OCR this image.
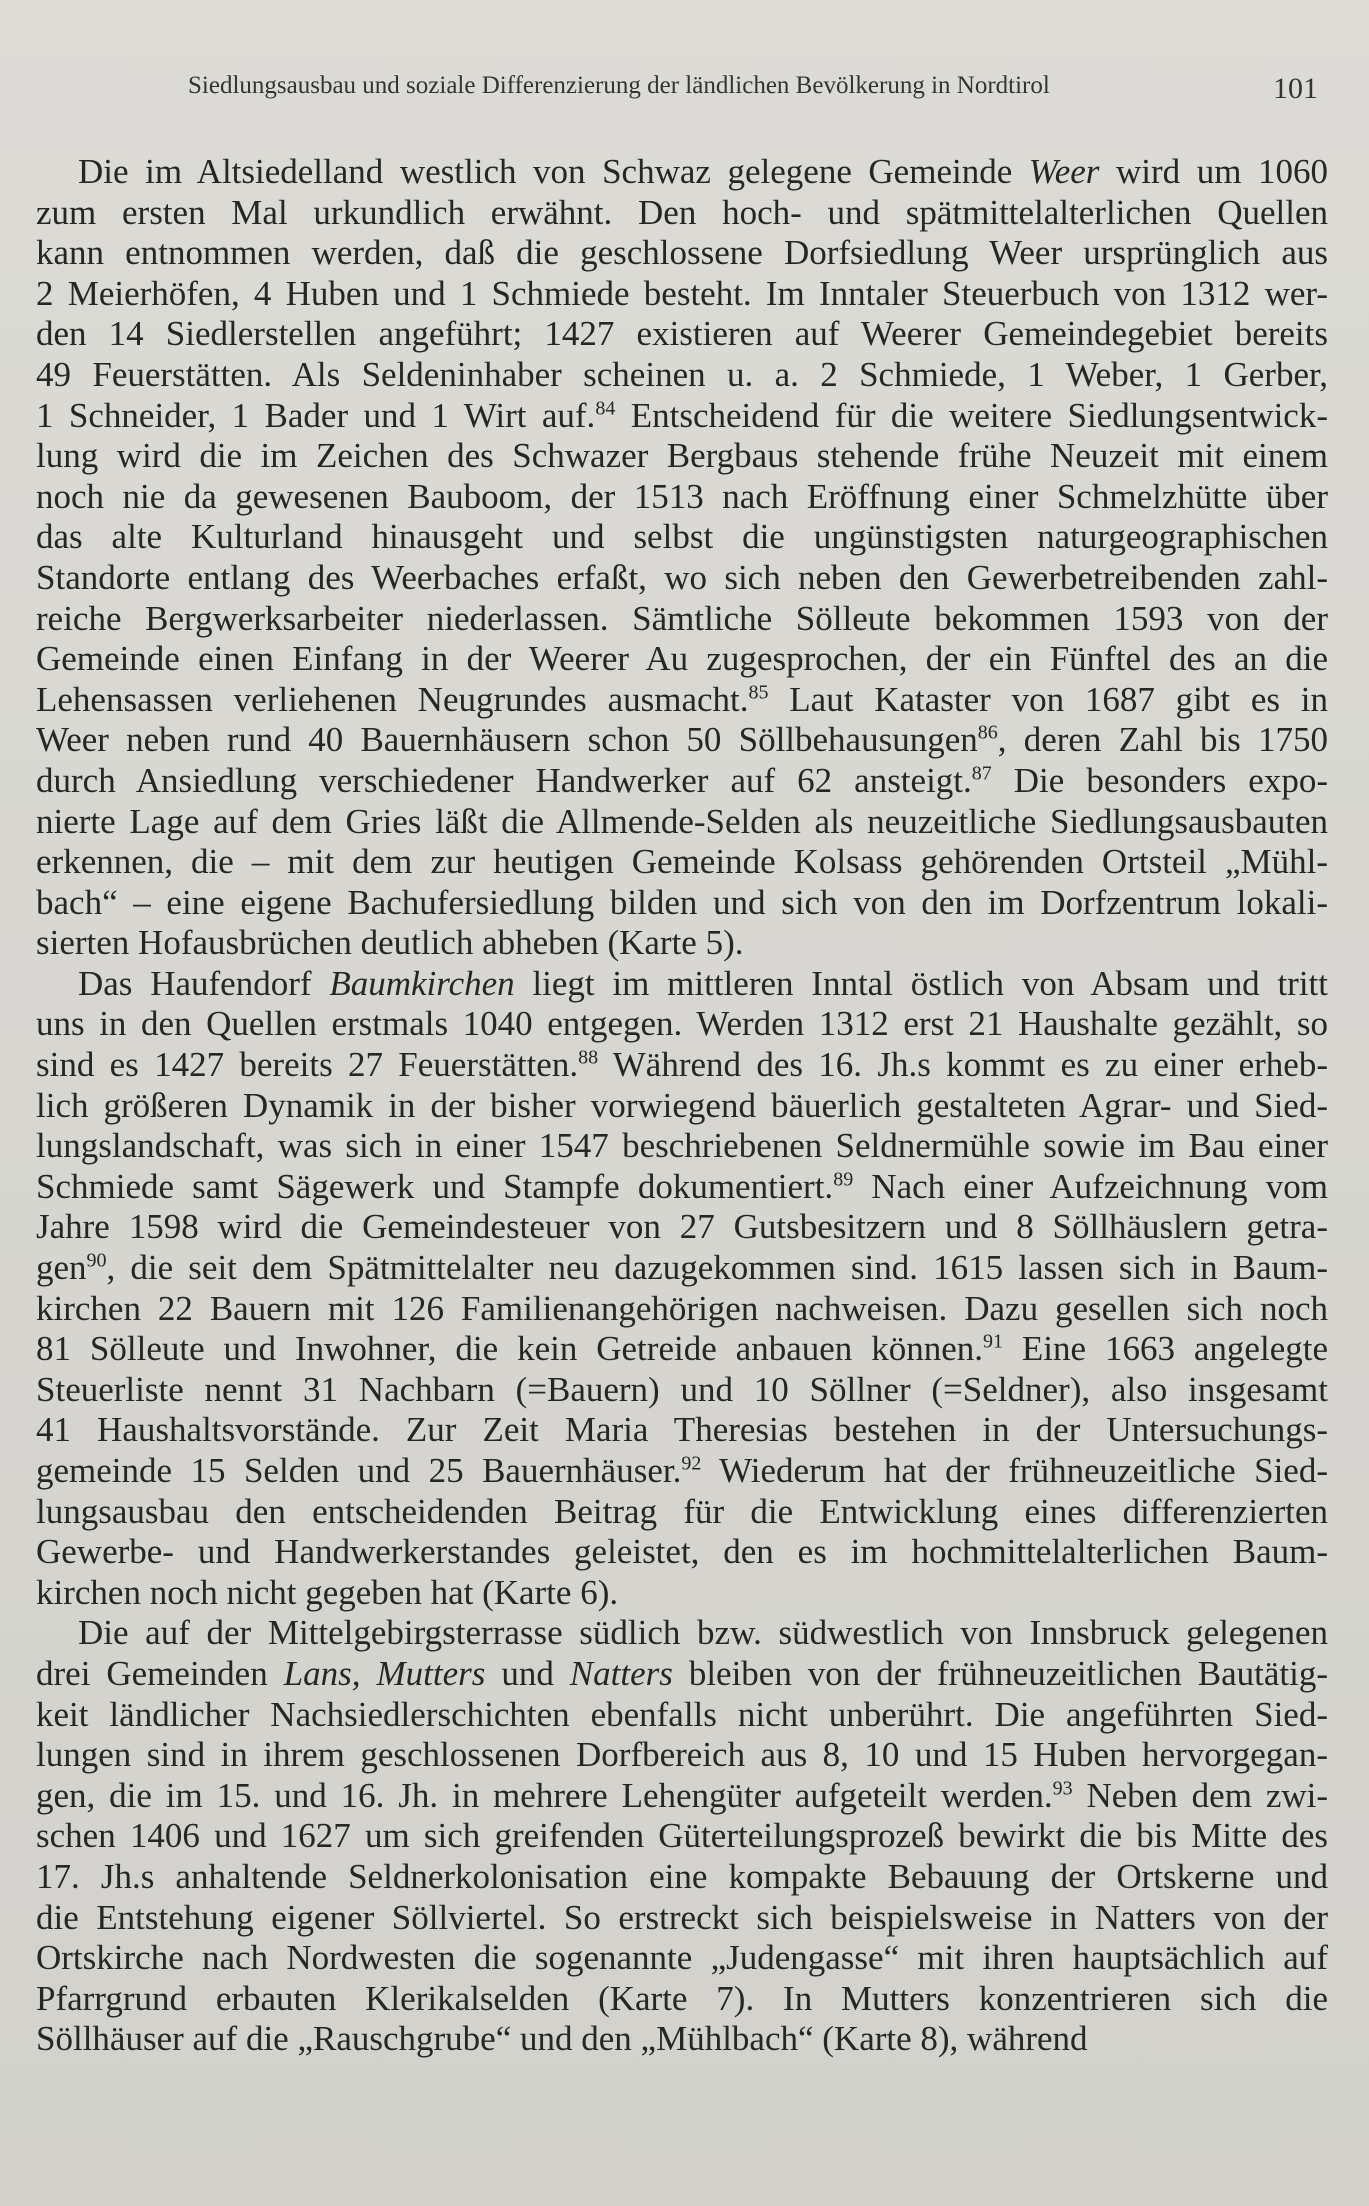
Siedlungsausbau und soziale Differenzierung der ländlichen Bevölkerung in Nordtirol	101
Die im Altsiedelland westlich von Schwaz gelegene Gemeinde Weer wird um 1060
zum ersten Mal urkundlich erwähnt. Den hoch- und spätmittelalterlichen Quellen
kann entnommen werden, daß die geschlossene Dorfsiedlung Weer ursprünglich aus
2 Meierhöfen, 4 Huben und 1 Schmiede besteht. Im Inntaler Steuerbuch von 1312 wer-
den 14 Siedlerstellen angeführt; 1427 existieren auf Weerer Gemeindegebiet bereits
49 Feuerstätten. Als Seldeninhaber scheinen u. a. 2 Schmiede, 1 Weber, 1 Gerber,
1 Schneider, 1 Bader und 1 Wirt auf.$^{84}$ Entscheidend für die weitere Siedlungsentwick-
lung wird die im Zeichen des Schwazer Bergbaus stehende frühe Neuzeit mit einem
noch nie da gewesenen Bauboom, der 1513 nach Eröffnung einer Schmelzhütte über
das alte Kulturland hinausgeht und selbst die ungünstigsten naturgeographischen
Standorte entlang des Weerbaches erfaßt, wo sich neben den Gewerbetreibenden zahl-
reiche Bergwerksarbeiter niederlassen. Sämtliche Sölleute bekommen 1593 von der
Gemeinde einen Einfang in der Weerer Au zugesprochen, der ein Fünftel des an die
Lehensassen verliehenen Neugrundes ausmacht.$^{85}$ Laut Kataster von 1687 gibt es in
Weer neben rund 40 Bauernhäusern schon 50 Söllbehausungen$^{86}$, deren Zahl bis 1750
durch Ansiedlung verschiedener Handwerker auf 62 ansteigt.$^{87}$ Die besonders expo-
nierte Lage auf dem Gries läßt die Allmende-Selden als neuzeitliche Siedlungsausbauten
erkennen, die – mit dem zur heutigen Gemeinde Kolsass gehörenden Ortsteil „Mühl-
bach“ – eine eigene Bachufersiedlung bilden und sich von den im Dorfzentrum lokali-
sierten Hofausbrüchen deutlich abheben (Karte 5).
Das Haufendorf Baumkirchen liegt im mittleren Inntal östlich von Absam und tritt
uns in den Quellen erstmals 1040 entgegen. Werden 1312 erst 21 Haushalte gezählt, so
sind es 1427 bereits 27 Feuerstätten.$^{88}$ Während des 16. Jh.s kommt es zu einer erheb-
lich größeren Dynamik in der bisher vorwiegend bäuerlich gestalteten Agrar- und Sied-
lungslandschaft, was sich in einer 1547 beschriebenen Seldnermühle sowie im Bau einer
Schmiede samt Sägewerk und Stampfe dokumentiert.$^{89}$ Nach einer Aufzeichnung vom
Jahre 1598 wird die Gemeindesteuer von 27 Gutsbesitzern und 8 Söllhäuslern getra-
gen$^{90}$, die seit dem Spätmittelalter neu dazugekommen sind. 1615 lassen sich in Baum-
kirchen 22 Bauern mit 126 Familienangehörigen nachweisen. Dazu gesellen sich noch
81 Sölleute und Inwohner, die kein Getreide anbauen können.$^{91}$ Eine 1663 angelegte
Steuerliste nennt 31 Nachbarn (=Bauern) und 10 Söllner (=Seldner), also insgesamt
41 Haushaltsvorstände. Zur Zeit Maria Theresias bestehen in der Untersuchungs-
gemeinde 15 Selden und 25 Bauernhäuser.$^{92}$ Wiederum hat der frühneuzeitliche Sied-
lungsausbau den entscheidenden Beitrag für die Entwicklung eines differenzierten
Gewerbe- und Handwerkerstandes geleistet, den es im hochmittelalterlichen Baum-
kirchen noch nicht gegeben hat (Karte 6).
Die auf der Mittelgebirgsterrasse südlich bzw. südwestlich von Innsbruck gelegenen
drei Gemeinden Lans, Mutters und Natters bleiben von der frühneuzeitlichen Bautätig-
keit ländlicher Nachsiedlerschichten ebenfalls nicht unberührt. Die angeführten Sied-
lungen sind in ihrem geschlossenen Dorfbereich aus 8, 10 und 15 Huben hervorgegan-
gen, die im 15. und 16. Jh. in mehrere Lehengüter aufgeteilt werden.$^{93}$ Neben dem zwi-
schen 1406 und 1627 um sich greifenden Güterteilungsprozeß bewirkt die bis Mitte des
17. Jh.s anhaltende Seldnerkolonisation eine kompakte Bebauung der Ortskerne und
die Entstehung eigener Söllviertel. So erstreckt sich beispielsweise in Natters von der
Ortskirche nach Nordwesten die sogenannte „Judengasse“ mit ihren hauptsächlich auf
Pfarrgrund erbauten Klerikalselden (Karte 7). In Mutters konzentrieren sich die
Söllhäuser auf die „Rauschgrube“ und den „Mühlbach“ (Karte 8), während
